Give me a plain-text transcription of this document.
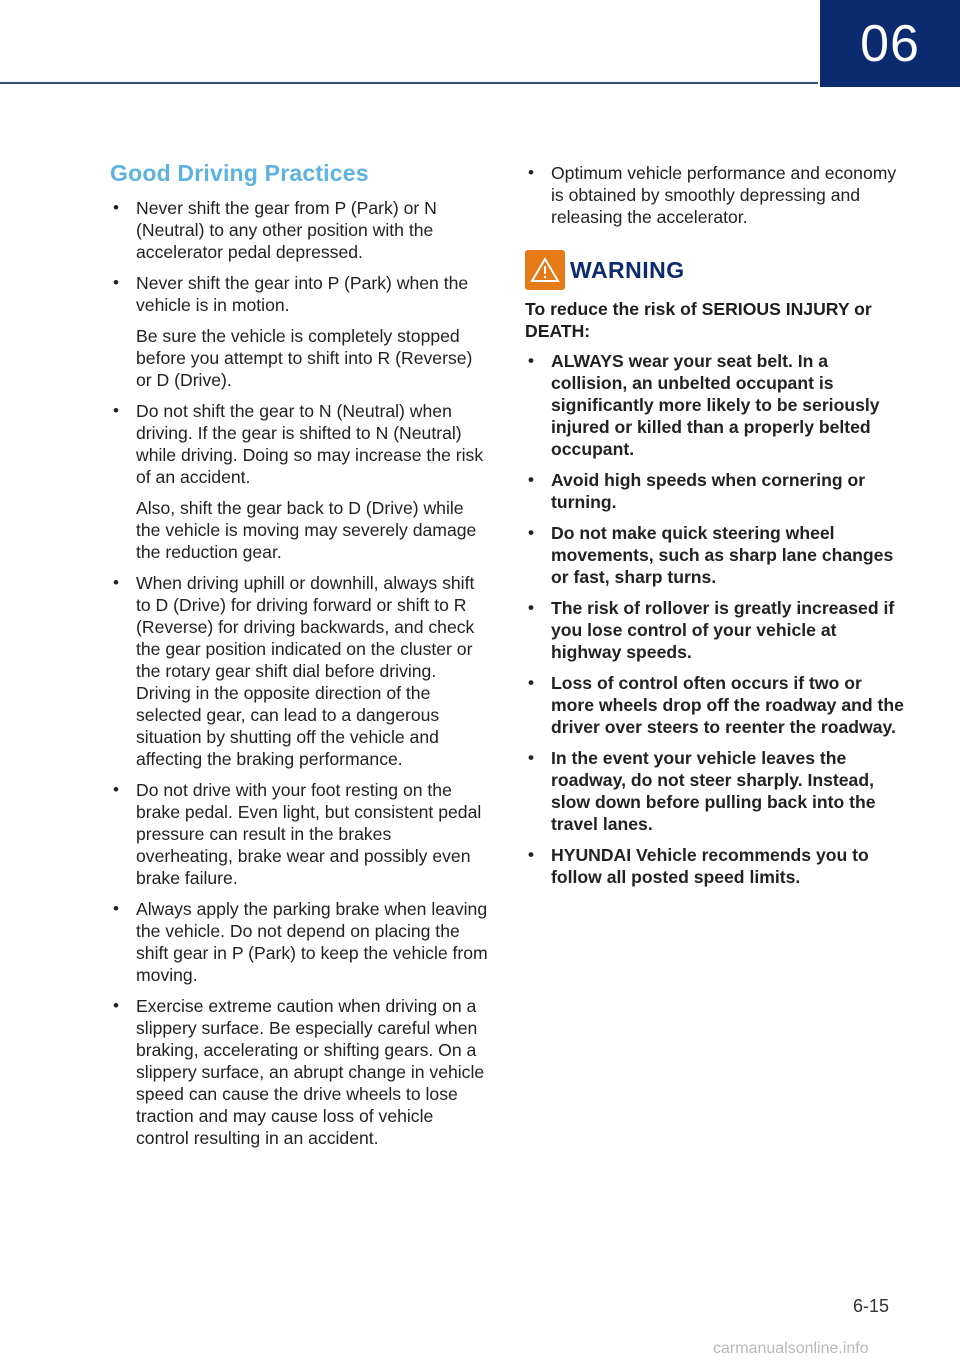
06
Good Driving Practices
• Never shift the gear from P (Park) or N (Neutral) to any other position with the accelerator pedal depressed.

• Never shift the gear into P (Park) when the vehicle is in motion.

Be sure the vehicle is completely stopped before you attempt to shift into R (Reverse) or D (Drive).

• Do not shift the gear to N (Neutral) when driving. If the gear is shifted to N (Neutral) while driving. Doing so may increase the risk of an accident.

Also, shift the gear back to D (Drive) while the vehicle is moving may severely damage the reduction gear.

• When driving uphill or downhill, always shift to D (Drive) for driving forward or shift to R (Reverse) for driving backwards, and check the gear position indicated on the cluster or the rotary gear shift dial before driving. Driving in the opposite direction of the selected gear, can lead to a dangerous situation by shutting off the vehicle and affecting the braking performance.

• Do not drive with your foot resting on the brake pedal. Even light, but consistent pedal pressure can result in the brakes overheating, brake wear and possibly even brake failure.

• Always apply the parking brake when leaving the vehicle. Do not depend on placing the shift gear in P (Park) to keep the vehicle from moving.

• Exercise extreme caution when driving on a slippery surface. Be especially careful when braking, accelerating or shifting gears. On a slippery surface, an abrupt change in vehicle speed can cause the drive wheels to lose traction and may cause loss of vehicle control resulting in an accident.

• Optimum vehicle performance and economy is obtained by smoothly depressing and releasing the accelerator.

WARNING

To reduce the risk of SERIOUS INJURY or DEATH:

• ALWAYS wear your seat belt. In a collision, an unbelted occupant is significantly more likely to be seriously injured or killed than a properly belted occupant.

• Avoid high speeds when cornering or turning.

• Do not make quick steering wheel movements, such as sharp lane changes or fast, sharp turns.

• The risk of rollover is greatly increased if you lose control of your vehicle at highway speeds.

• Loss of control often occurs if two or more wheels drop off the roadway and the driver over steers to reenter the roadway.

• In the event your vehicle leaves the roadway, do not steer sharply. Instead, slow down before pulling back into the travel lanes.

• HYUNDAI Vehicle recommends you to follow all posted speed limits.

6-15
carmanualsonline.info
